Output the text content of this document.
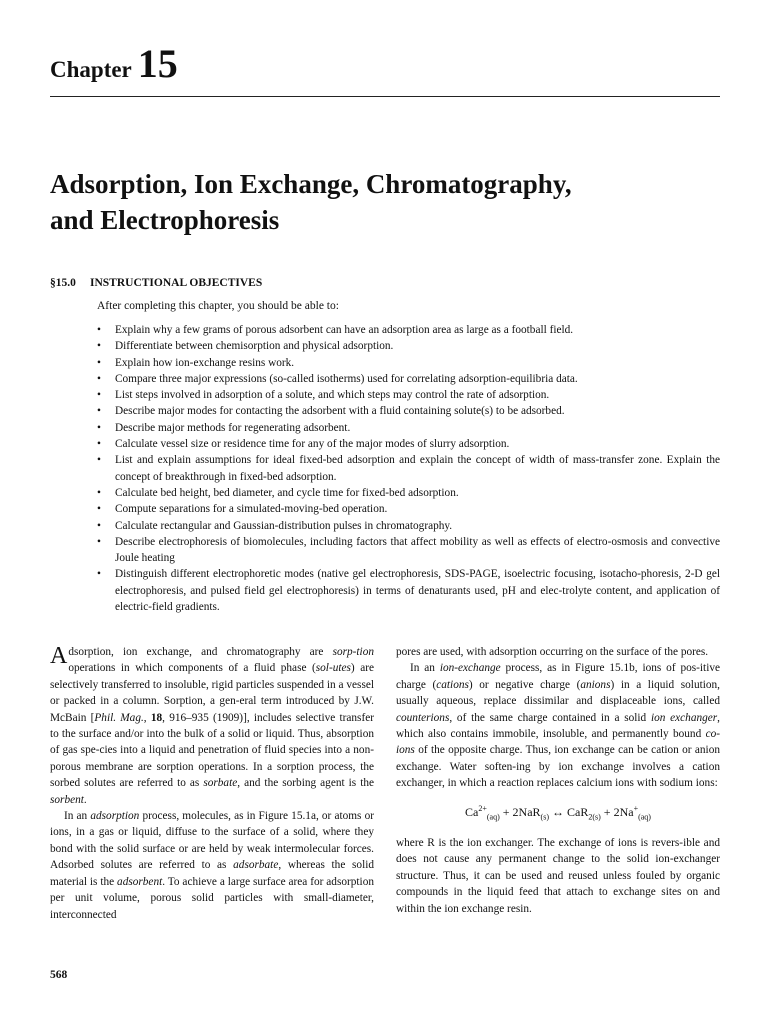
Chapter 15
Adsorption, Ion Exchange, Chromatography,
and Electrophoresis
§15.0 INSTRUCTIONAL OBJECTIVES
After completing this chapter, you should be able to:
• Explain why a few grams of porous adsorbent can have an adsorption area as large as a football field.
• Differentiate between chemisorption and physical adsorption.
• Explain how ion-exchange resins work.
• Compare three major expressions (so-called isotherms) used for correlating adsorption-equilibria data.
• List steps involved in adsorption of a solute, and which steps may control the rate of adsorption.
• Describe major modes for contacting the adsorbent with a fluid containing solute(s) to be adsorbed.
• Describe major methods for regenerating adsorbent.
• Calculate vessel size or residence time for any of the major modes of slurry adsorption.
• List and explain assumptions for ideal fixed-bed adsorption and explain the concept of width of mass-transfer zone. Explain the concept of breakthrough in fixed-bed adsorption.
• Calculate bed height, bed diameter, and cycle time for fixed-bed adsorption.
• Compute separations for a simulated-moving-bed operation.
• Calculate rectangular and Gaussian-distribution pulses in chromatography.
• Describe electrophoresis of biomolecules, including factors that affect mobility as well as effects of electro-osmosis and convective Joule heating
• Distinguish different electrophoretic modes (native gel electrophoresis, SDS-PAGE, isoelectric focusing, isotacho-phoresis, 2-D gel electrophoresis, and pulsed field gel electrophoresis) in terms of denaturants used, pH and elec-trolyte content, and application of electric-field gradients.

Adsorption, ion exchange, and chromatography are sorp-tion operations in which components of a fluid phase (sol-utes) are selectively transferred to insoluble, rigid particles suspended in a vessel or packed in a column. Sorption, a gen-eral term introduced by J.W. McBain [Phil. Mag., 18, 916–935 (1909)], includes selective transfer to the surface and/or into the bulk of a solid or liquid. Thus, absorption of gas spe-cies into a liquid and penetration of fluid species into a non-porous membrane are sorption operations. In a sorption process, the sorbed solutes are referred to as sorbate, and the sorbing agent is the sorbent.

In an adsorption process, molecules, as in Figure 15.1a, or atoms or ions, in a gas or liquid, diffuse to the surface of a solid, where they bond with the solid surface or are held by weak intermolecular forces. Adsorbed solutes are referred to as adsorbate, whereas the solid material is the adsorbent. To achieve a large surface area for adsorption per unit volume, porous solid particles with small-diameter, interconnected

pores are used, with adsorption occurring on the surface of the pores.

In an ion-exchange process, as in Figure 15.1b, ions of pos-itive charge (cations) or negative charge (anions) in a liquid solution, usually aqueous, replace dissimilar and displaceable ions, called counterions, of the same charge contained in a solid ion exchanger, which also contains immobile, insoluble, and permanently bound co-ions of the opposite charge. Thus, ion exchange can be cation or anion exchange. Water soften-ing by ion exchange involves a cation exchanger, in which a reaction replaces calcium ions with sodium ions:

$Ca^{2+}_{(aq)} + 2NaR_{(s)}$ ↔ $CaR_{2(s)} + 2Na^+_{(aq)}$

where R is the ion exchanger. The exchange of ions is revers-ible and does not cause any permanent change to the solid ion-exchanger structure. Thus, it can be used and reused unless fouled by organic compounds in the liquid feed that attach to exchange sites on and within the ion exchange resin.

568
